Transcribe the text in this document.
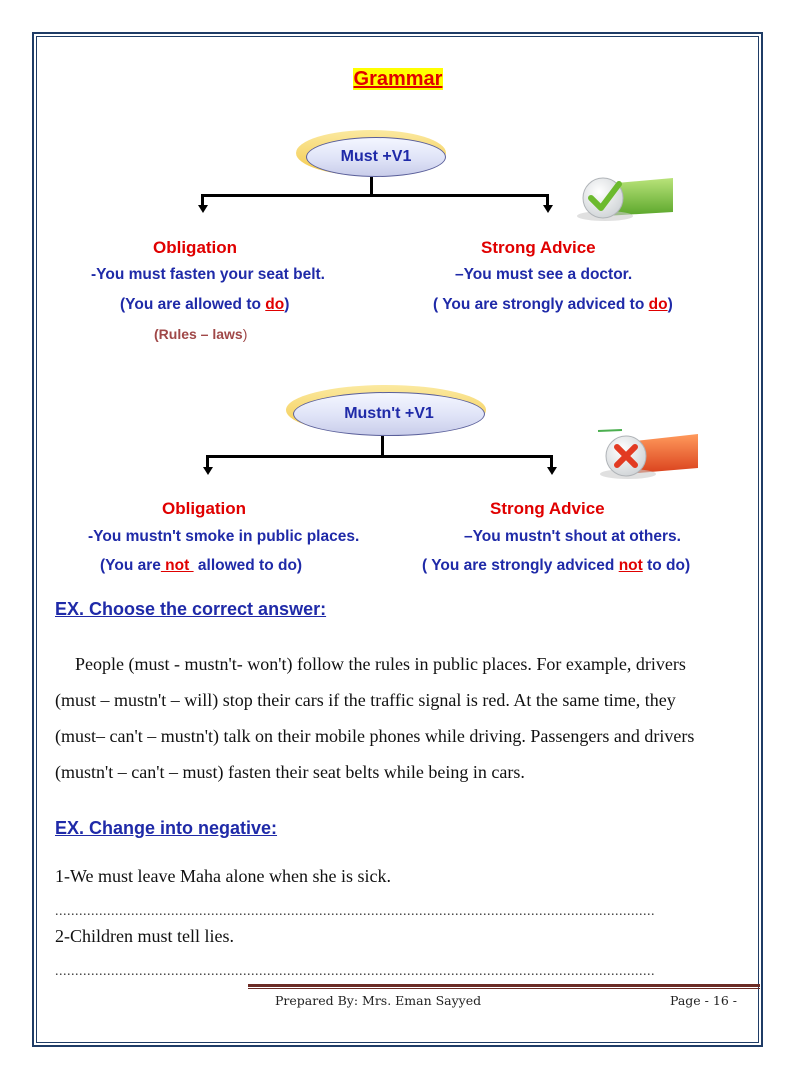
Grammar
Must +V1
Obligation
-You must fasten your seat belt.
(You are allowed to do)
(Rules – laws)
Strong Advice
–You must see a doctor.
( You are strongly adviced to do)
Mustn't +V1
Obligation
-You mustn't smoke in public places.
(You are not  allowed to do)
Strong Advice
–You mustn't shout at others.
( You are strongly adviced not to do)
EX. Choose the correct answer:
People (must - mustn't- won't) follow the rules in public places. For example, drivers
(must – mustn't – will) stop their cars if the traffic signal is red. At the same time, they
(must– can't – mustn't) talk on their mobile phones while driving. Passengers and drivers
(mustn't – can't – must) fasten their seat belts while being in cars.
EX. Change into negative:
1-We must leave Maha alone when she is sick.
......................................................................................................................................................
2-Children must tell lies.
......................................................................................................................................................
Prepared By: Mrs. Eman Sayyed	Page - 16 -
